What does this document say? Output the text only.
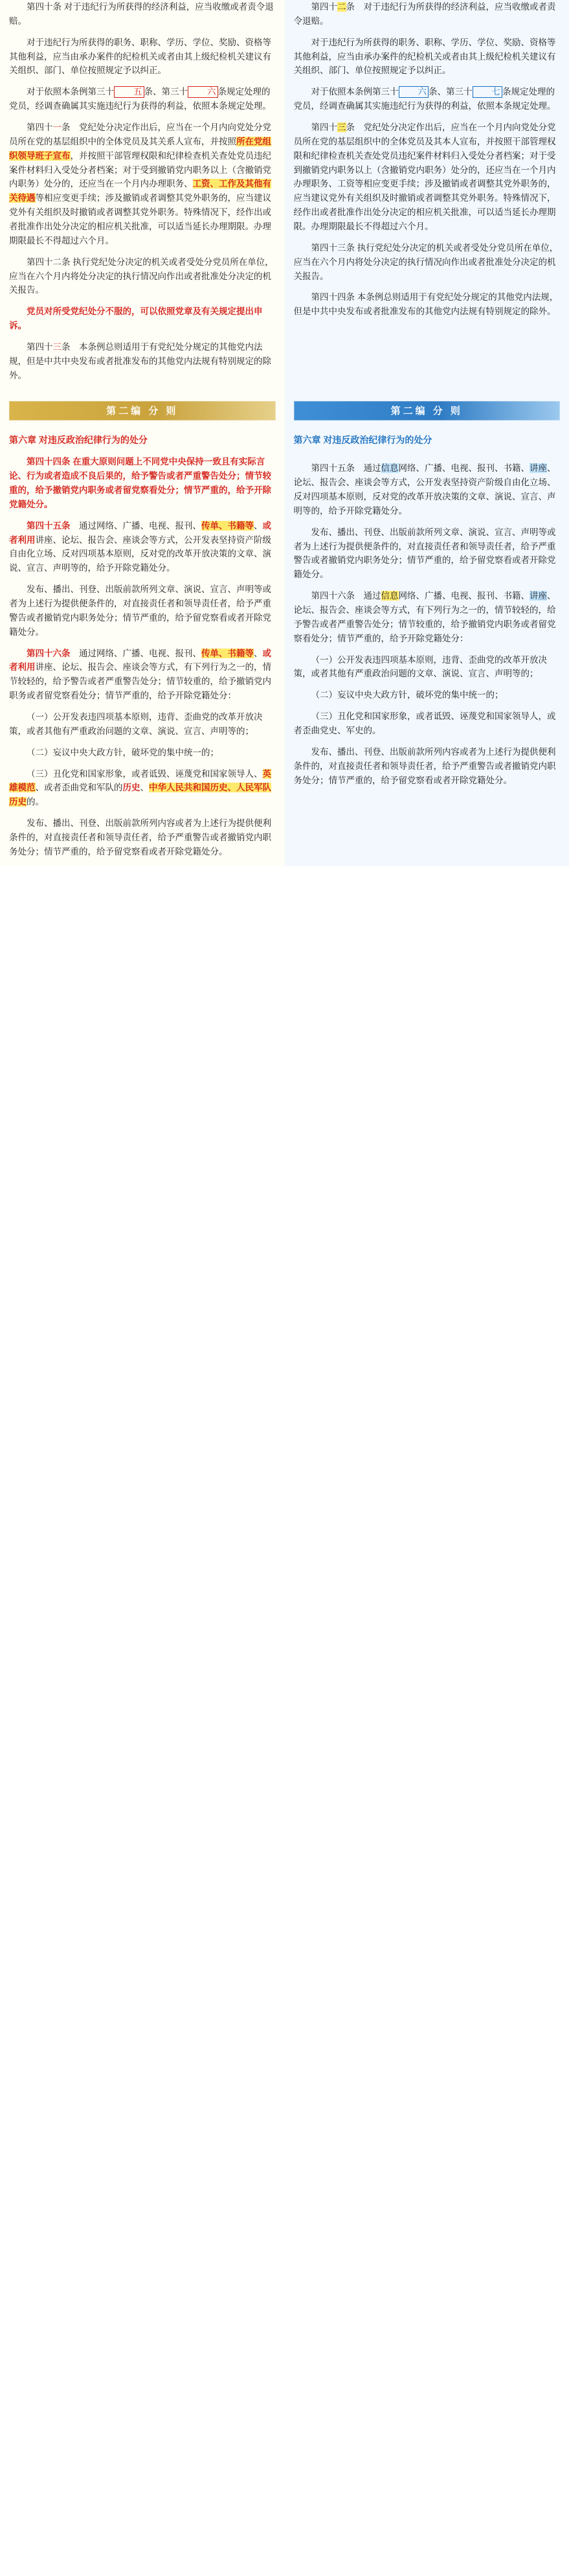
第四十条 对于违纪行为所获得的经济利益，应当收缴或者责令退赔。

对于违纪行为所获得的职务、职称、学历、学位、奖励、资格等其他利益，应当由承办案件的纪检机关或者由其上级纪检机关建议有关组织、部门、单位按照规定予以纠正。

对于依照本条例第三十 五 条、第三十 六 条规定处理的党员，经调查确属其实施违纪行为获得的利益，依照本条规定处理。

第四十一条　党纪处分决定作出后，应当在一个月内向党处分党员所在党的基层组织中的全体党员及其关系人宣布，并按照所在党组织领导班子宣布，并按照干部管理权限和纪律检查机关查处党员违纪案件材料归入受处分者档案；对于受到撤销党内职务以上（含撤销党内职务）处分的，还应当在一个月内办理职务、工资、工作及其他有关待遇等相应变更手续；涉及撤销或者调整其党外职务的，应当建议党外有关组织及时撤销或者调整其党外职务。特殊情况下，经作出或者批准作出处分决定的相应机关批准，可以适当延长办理期限。办理期限最长不得超过六个月。

第四十二条 执行党纪处分决定的机关或者受处分党员所在单位，应当在六个月内将处分决定的执行情况向作出或者批准处分决定的机关报告。

党员对所受党纪处分不服的，可以依照党章及有关规定提出申诉。

第四十三条　本条例总则适用于有党纪处分规定的其他党内法规，但是中共中央发布或者批准发布的其他党内法规有特别规定的除外。

第四十二条　对于违纪行为所获得的经济利益，应当收缴或者责令退赔。

对于违纪行为所获得的职务、职称、学历、学位、奖励、资格等其他利益，应当由承办案件的纪检机关或者由其上级纪检机关建议有关组织、部门、单位按照规定予以纠正。

对于依照本条例第三十 六 条、第三十 七 条规定处理的党员，经调查确属其实施违纪行为获得的利益，依照本条规定处理。

第四十三条　党纪处分决定作出后，应当在一个月内向党处分党员所在党的基层组织中的全体党员及其本人宣布，并按照干部管理权限和纪律检查机关查处党员违纪案件材料归入受处分者档案；对于受到撤销党内职务以上（含撤销党内职务）处分的，还应当在一个月内办理职务、工资等相应变更手续；涉及撤销或者调整其党外职务的，应当建议党外有关组织及时撤销或者调整其党外职务。特殊情况下，经作出或者批准作出处分决定的相应机关批准，可以适当延长办理期限。办理期限最长不得超过六个月。

第四十三条 执行党纪处分决定的机关或者受处分党员所在单位，应当在六个月内将处分决定的执行情况向作出或者批准处分决定的机关报告。

第四十四条 本条例总则适用于有党纪处分规定的其他党内法规，但是中共中央发布或者批准发布的其他党内法规有特别规定的除外。

第二编 分 则	第二编 分 则

第六章 对违反政治纪律行为的处分

第四十四条 在重大原则问题上不同党中央保持一致且有实际言论、行为或者造成不良后果的，给予警告或者严重警告处分；情节较重的，给予撤销党内职务或者留党察看处分；情节严重的，给予开除党籍处分。

第四十五条　通过网络、广播、电视、报刊、传单、书籍等、或者利用讲座、论坛、报告会、座谈会等方式，公开发表坚持资产阶级自由化立场、反对四项基本原则，反对党的改革开放决策的文章、演说、宣言、声明等的，给予开除党籍处分。

发布、播出、刊登、出版前款所列文章、演说、宣言、声明等或者为上述行为提供便条件的，对直接责任者和领导责任者，给予严重警告或者撤销党内职务处分；情节严重的，给予留党察看或者开除党籍处分。

第四十六条　通过网络、广播、电视、报刊、传单、书籍等、或者利用讲座、论坛、报告会、座谈会等方式，有下列行为之一的，情节较轻的，给予警告或者严重警告处分；情节较重的，给予撤销党内职务或者留党察看处分；情节严重的，给予开除党籍处分：

（一）公开发表违四项基本原则，违背、歪曲党的改革开放决策，或者其他有严重政治问题的文章、演说、宣言、声明等的；

（二）妄议中央大政方针，破坏党的集中统一的；

（三）丑化党和国家形象，或者诋毁、诬蔑党和国家领导人、英雄模范、或者歪曲党和军队的历史、中华人民共和国历史、人民军队历史的。

发布、播出、刊登、出版前款所列内容或者为上述行为提供便利条件的，对直接责任者和领导责任者，给予严重警告或者撤销党内职务处分；情节严重的，给予留党察看或者开除党籍处分。

第六章 对违反政治纪律行为的处分

第四十五条　通过信息网络、广播、电视、报刊、书籍、讲座、论坛、报告会、座谈会等方式，公开发表坚持资产阶级自由化立场、反对四项基本原则，反对党的改革开放决策的文章、演说、宣言、声明等的，给予开除党籍处分。

发布、播出、刊登、出版前款所列文章、演说、宣言、声明等或者为上述行为提供便条件的，对直接责任者和领导责任者，给予严重警告或者撤销党内职务处分；情节严重的，给予留党察看或者开除党籍处分。

第四十六条　通过信息网络、广播、电视、报刊、书籍、讲座、论坛、报告会、座谈会等方式，有下列行为之一的，情节较轻的，给予警告或者严重警告处分；情节较重的，给予撤销党内职务或者留党察看处分；情节严重的，给予开除党籍处分：

（一）公开发表违四项基本原则，违背、歪曲党的改革开放决策，或者其他有严重政治问题的文章、演说、宣言、声明等的；

（二）妄议中央大政方针，破坏党的集中统一的；

（三）丑化党和国家形象，或者诋毁、诬蔑党和国家领导人，或者歪曲党史、军史的。

发布、播出、刊登、出版前款所列内容或者为上述行为提供便利条件的，对直接责任者和领导责任者，给予严重警告或者撤销党内职务处分；情节严重的，给予留党察看或者开除党籍处分。
